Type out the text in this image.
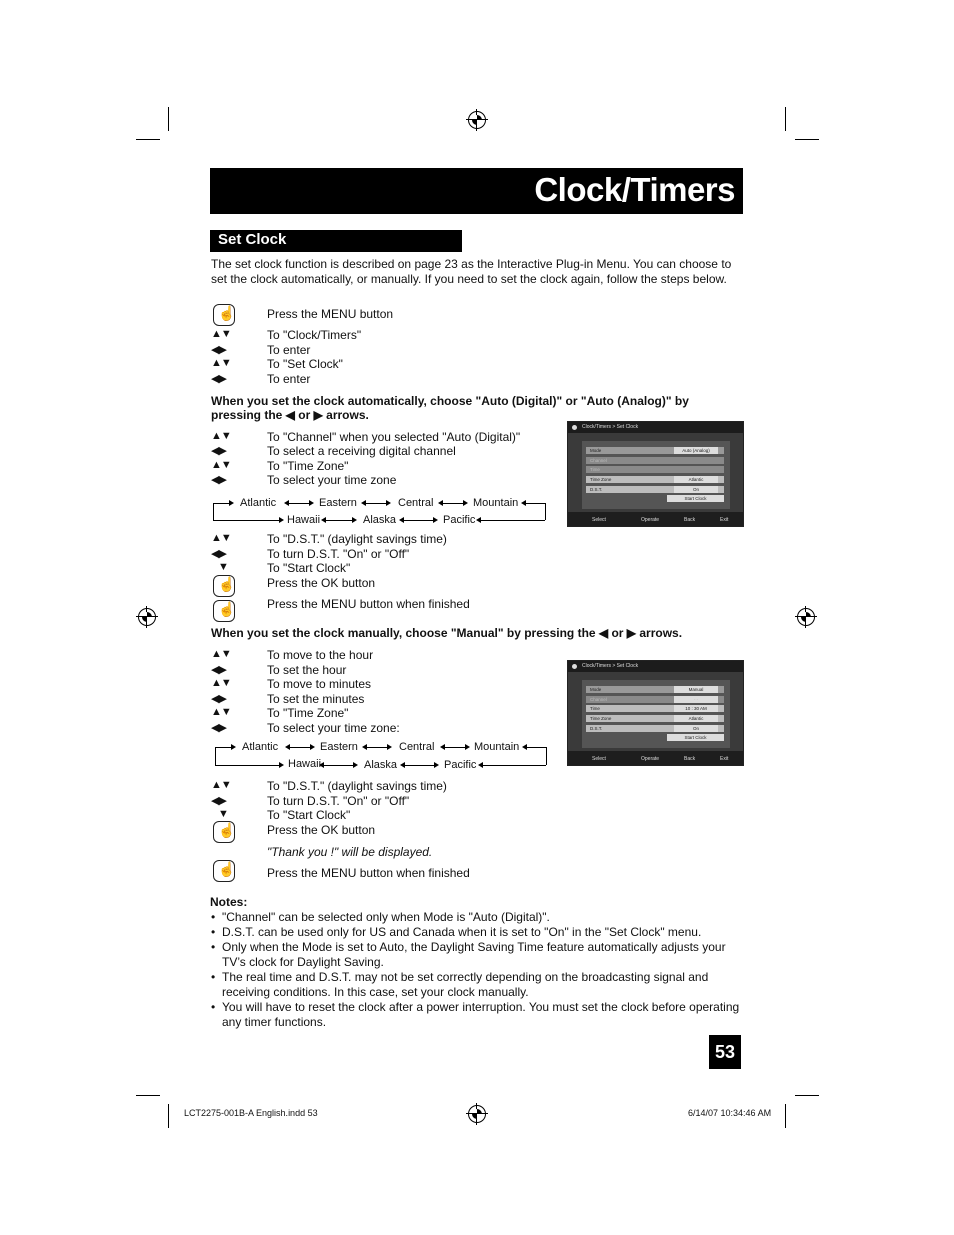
Clock/Timers
Set Clock
The set clock function is described on page 23 as the Interactive Plug-in Menu. You can choose to set the clock automatically, or manually. If you need to set the clock again, follow the steps below.
☝
Press the MENU button
▲▼	To "Clock/Timers"
◀▶	To enter
▲▼	To "Set Clock"
◀▶	To enter
When you set the clock automatically, choose "Auto (Digital)" or "Auto (Analog)" by
pressing the ◀ or ▶ arrows.
▲▼	To "Channel" when you selected "Auto (Digital)"
◀▶	To select a receiving digital channel
▲▼	To "Time Zone"
◀▶	To select your time zone
Atlantic	Eastern	Central	Mountain
Hawaii	Alaska	Pacific
Clock/Timers > Set Clock
Mode	Auto (Analog)
Channel
Time
Time Zone	Atlantic
D.S.T.	On
Start Clock
Select	Operate	Back	Exit
▲▼	To "D.S.T." (daylight savings time)
◀▶	To turn D.S.T. "On" or "Off"
▼	To "Start Clock"
☝
Press the OK button
☝
Press the MENU button when finished
When you set the clock manually, choose "Manual" by pressing the ◀ or ▶ arrows.
▲▼	To move to the hour
◀▶	To set the hour
▲▼	To move to minutes
◀▶	To set the minutes
▲▼	To "Time Zone"
◀▶	To select your time zone:
Atlantic	Eastern	Central	Mountain
Hawaii	Alaska	Pacific
Clock/Timers > Set Clock
Mode	Manual
Channel	- -
Time	10 : 30 AM
Time Zone	Atlantic
D.S.T.	On
Start Clock
Select	Operate	Back	Exit
▲▼	To "D.S.T." (daylight savings time)
◀▶	To turn D.S.T. "On" or "Off"
▼	To "Start Clock"
☝
Press the OK button
"Thank you !" will be displayed.
☝
Press the MENU button when finished
Notes:
• "Channel" can be selected only when Mode is "Auto (Digital)".
• D.S.T. can be used only for US and Canada when it is set to "On" in the "Set Clock" menu.
• Only when the Mode is set to Auto, the Daylight Saving Time feature automatically adjusts your TV’s clock for Daylight Saving.
• The real time and D.S.T. may not be set correctly depending on the broadcasting signal and receiving conditions. In this case, set your clock manually.
• You will have to reset the clock after a power interruption. You must set the clock before operating any timer functions.
53
LCT2275-001B-A English.indd 53	6/14/07 10:34:46 AM
